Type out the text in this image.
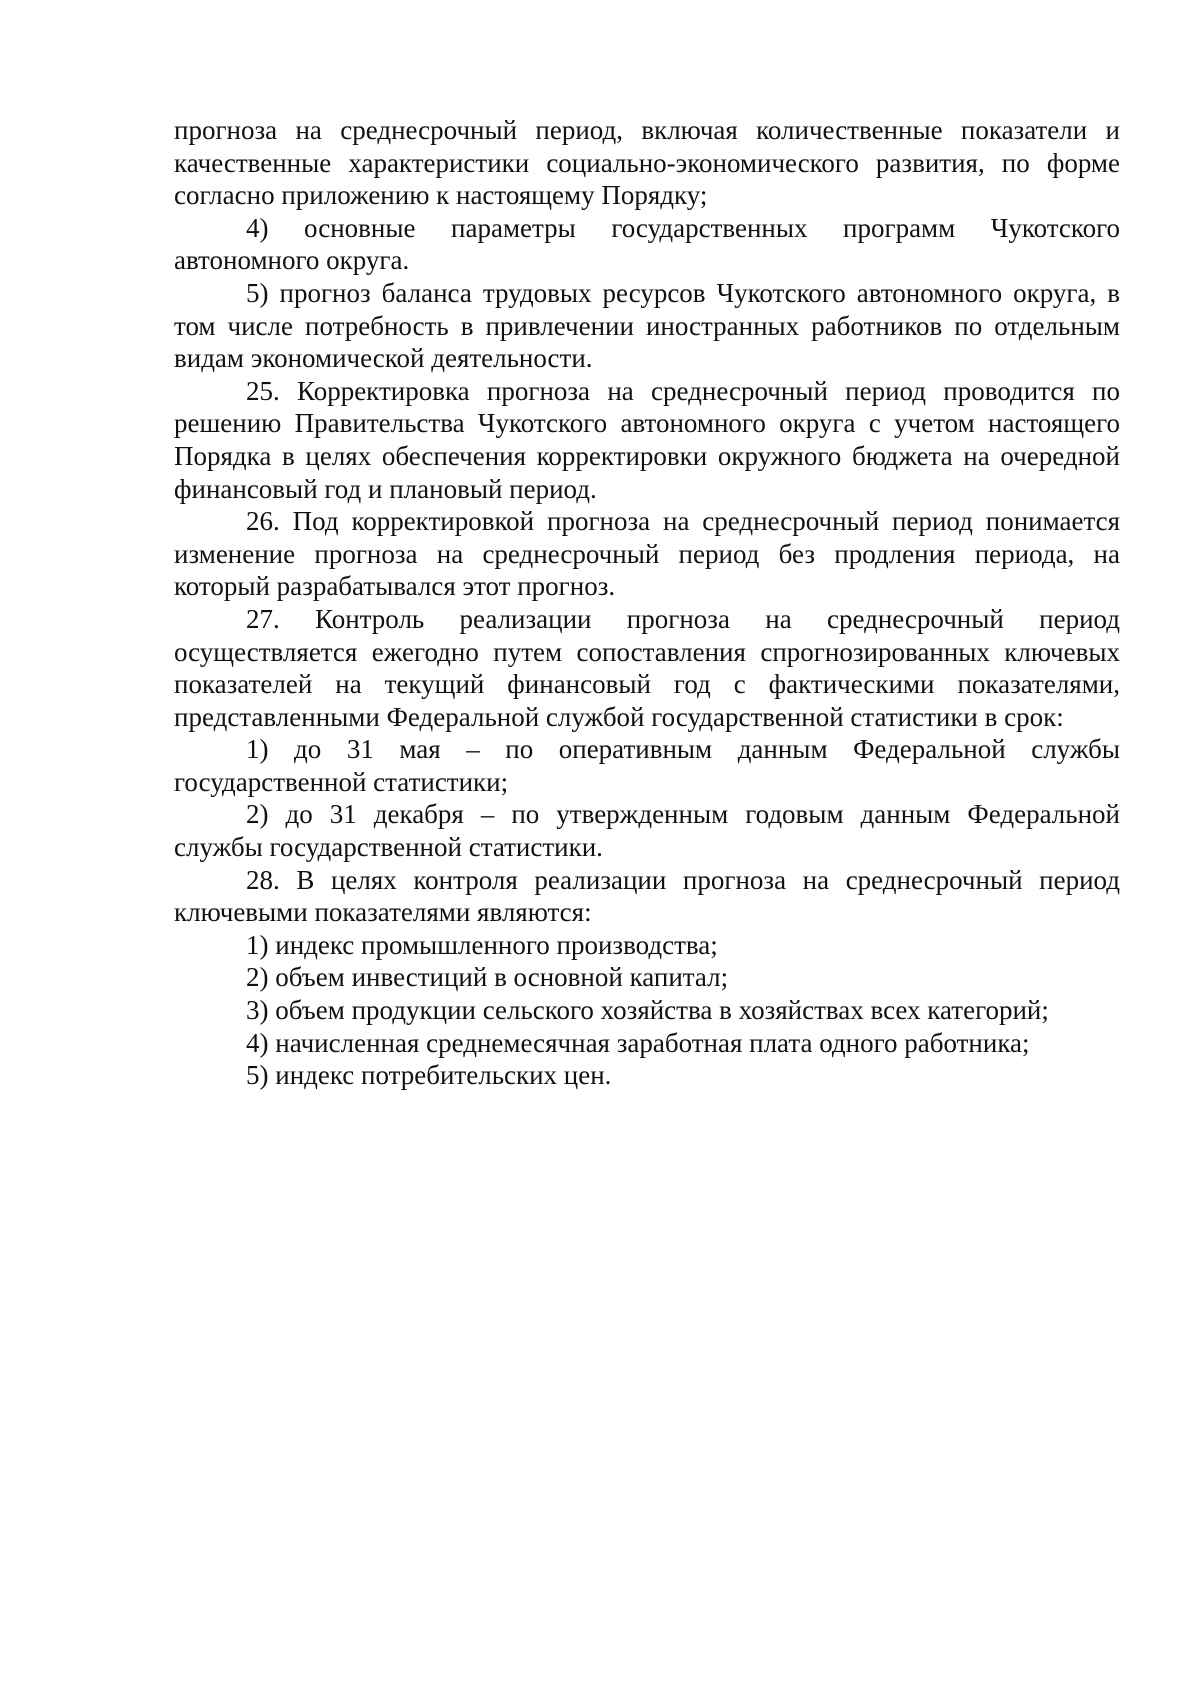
прогноза на среднесрочный период, включая количественные показатели и качественные характеристики социально-экономического развития, по форме согласно приложению к настоящему Порядку;

4) основные параметры государственных программ Чукотского автономного округа.

5) прогноз баланса трудовых ресурсов Чукотского автономного округа, в том числе потребность в привлечении иностранных работников по отдельным видам экономической деятельности.

25. Корректировка прогноза на среднесрочный период проводится по решению Правительства Чукотского автономного округа с учетом настоящего Порядка в целях обеспечения корректировки окружного бюджета на очередной финансовый год и плановый период.

26. Под корректировкой прогноза на среднесрочный период понимается изменение прогноза на среднесрочный период без продления периода, на который разрабатывался этот прогноз.

27. Контроль реализации прогноза на среднесрочный период осуществляется ежегодно путем сопоставления спрогнозированных ключевых показателей на текущий финансовый год с фактическими показателями, представленными Федеральной службой государственной статистики в срок:

1) до 31 мая – по оперативным данным Федеральной службы государственной статистики;

2) до 31 декабря – по утвержденным годовым данным Федеральной службы государственной статистики.

28. В целях контроля реализации прогноза на среднесрочный период ключевыми показателями являются:

1) индекс промышленного производства;

2) объем инвестиций в основной капитал;

3) объем продукции сельского хозяйства в хозяйствах всех категорий;

4) начисленная среднемесячная заработная плата одного работника;

5) индекс потребительских цен.
